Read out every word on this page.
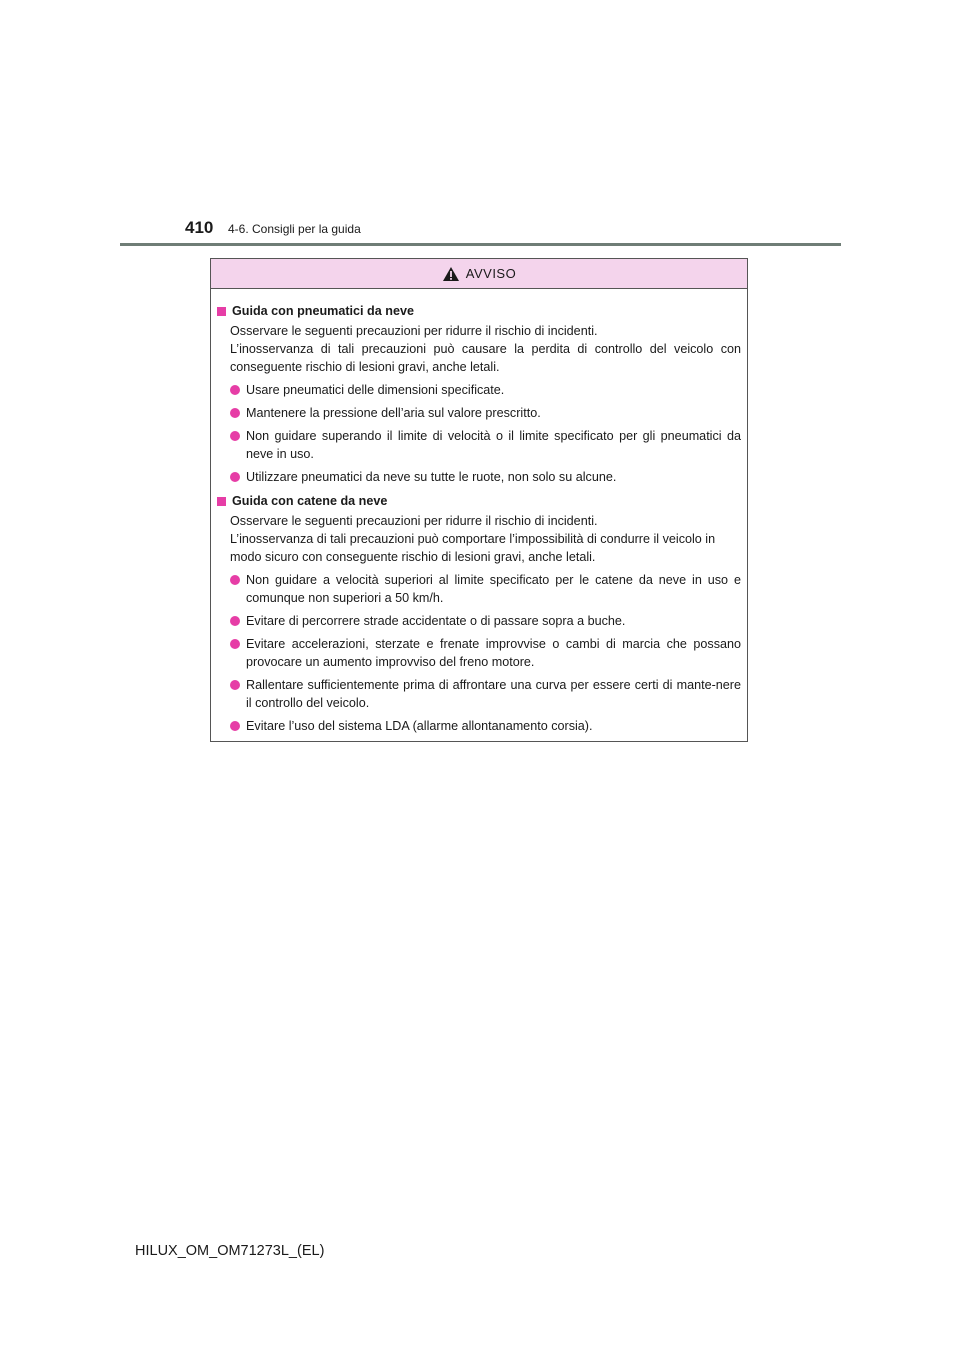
410 4-6. Consigli per la guida
AVVISO
Guida con pneumatici da neve
Osservare le seguenti precauzioni per ridurre il rischio di incidenti.
L’inosservanza di tali precauzioni può causare la perdita di controllo del veicolo con conseguente rischio di lesioni gravi, anche letali.
Usare pneumatici delle dimensioni specificate.
Mantenere la pressione dell’aria sul valore prescritto.
Non guidare superando il limite di velocità o il limite specificato per gli pneumatici da neve in uso.
Utilizzare pneumatici da neve su tutte le ruote, non solo su alcune.
Guida con catene da neve
Osservare le seguenti precauzioni per ridurre il rischio di incidenti.
L’inosservanza di tali precauzioni può comportare l’impossibilità di condurre il veicolo in modo sicuro con conseguente rischio di lesioni gravi, anche letali.
Non guidare a velocità superiori al limite specificato per le catene da neve in uso e comunque non superiori a 50 km/h.
Evitare di percorrere strade accidentate o di passare sopra a buche.
Evitare accelerazioni, sterzate e frenate improvvise o cambi di marcia che possano provocare un aumento improvviso del freno motore.
Rallentare sufficientemente prima di affrontare una curva per essere certi di mante-nere il controllo del veicolo.
Evitare l’uso del sistema LDA (allarme allontanamento corsia).
HILUX_OM_OM71273L_(EL)
